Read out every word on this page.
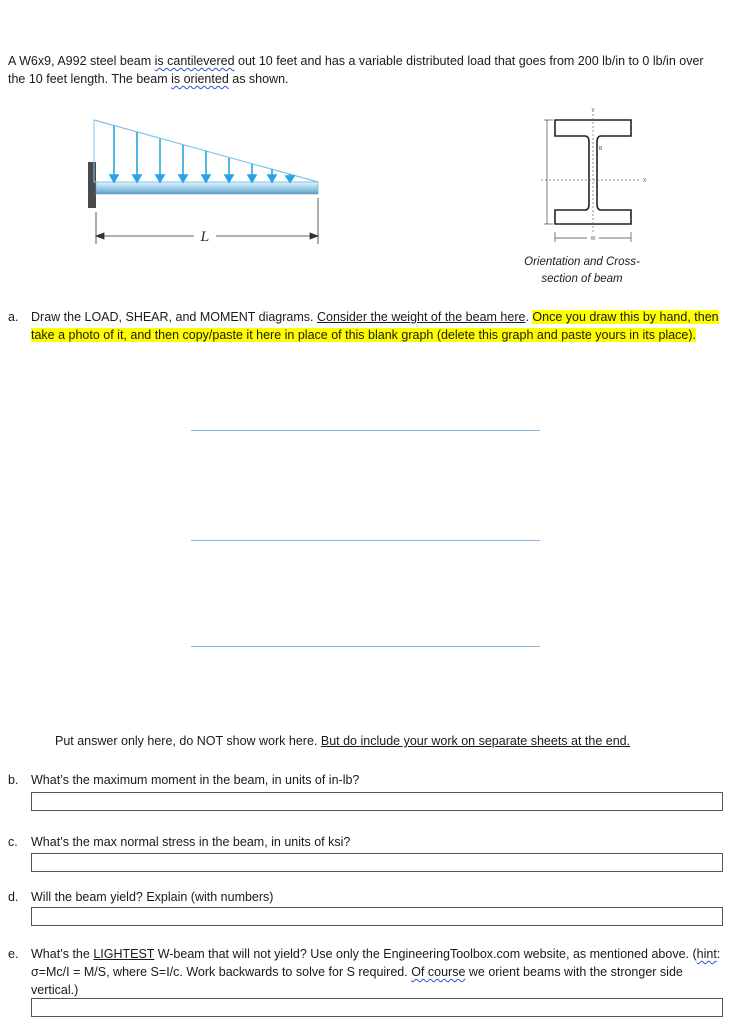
A W6x9, A992 steel beam is cantilevered out 10 feet and has a variable distributed load that goes from 200 lb/in to 0 lb/in over the 10 feet length. The beam is oriented as shown.
L
Y
X
B
W
Orientation and Cross-
section of beam
a. Draw the LOAD, SHEAR, and MOMENT diagrams. Consider the weight of the beam here. Once you draw this by hand, then take a photo of it, and then copy/paste it here in place of this blank graph (delete this graph and paste yours in its place).
Put answer only here, do NOT show work here. But do include your work on separate sheets at the end.
b. What’s the maximum moment in the beam, in units of in-lb?
c. What’s the max normal stress in the beam, in units of ksi?
d. Will the beam yield? Explain (with numbers)
e. What’s the LIGHTEST W-beam that will not yield? Use only the EngineeringToolbox.com website, as mentioned above. (hint: σ=Mc/I = M/S, where S=I/c. Work backwards to solve for S required. Of course we orient beams with the stronger side vertical.)
